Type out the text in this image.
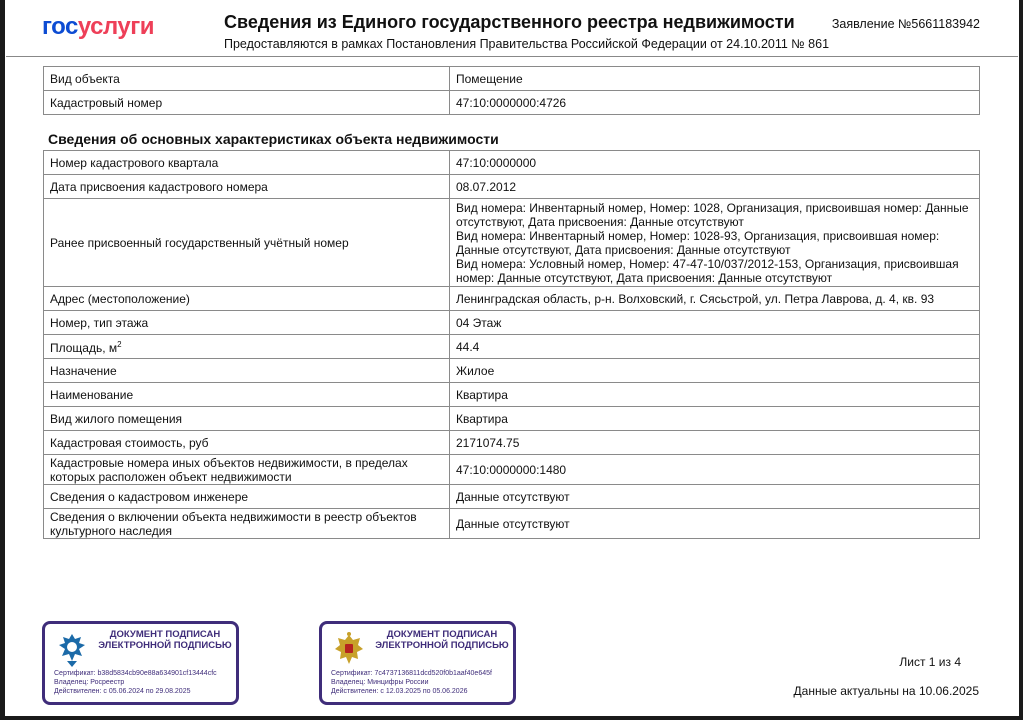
госуслуги	Сведения из Единого государственного реестра недвижимости
Предоставляются в рамках Постановления Правительства Российской Федерации от 24.10.2011 № 861
Заявление №5661183942
Вид объекта	Помещение
Кадастровый номер	47:10:0000000:4726
Сведения об основных характеристиках объекта недвижимости
Номер кадастрового квартала	47:10:0000000
Дата присвоения кадастрового номера	08.07.2012
Ранее присвоенный государственный учётный номер	Вид номера: Инвентарный номер, Номер: 1028, Организация, присвоившая номер: Данные отсутствуют, Дата присвоения: Данные отсутствуют
Вид номера: Инвентарный номер, Номер: 1028-93, Организация, присвоившая номер: Данные отсутствуют, Дата присвоения: Данные отсутствуют
Вид номера: Условный номер, Номер: 47-47-10/037/2012-153, Организация, присвоившая номер: Данные отсутствуют, Дата присвоения: Данные отсутствуют

Адрес (местоположение)	Ленинградская область, р-н. Волховский, г. Сясьстрой, ул. Петра Лаврова, д. 4, кв. 93
Номер, тип этажа	04 Этаж
Площадь, $м^2$	44.4
Назначение	Жилое
Наименование	Квартира
Вид жилого помещения	Квартира
Кадастровая стоимость, руб	2171074.75
Кадастровые номера иных объектов недвижимости, в пределах которых расположен объект недвижимости	47:10:0000000:1480
Сведения о кадастровом инженере	Данные отсутствуют
Сведения о включении объекта недвижимости в реестр объектов культурного наследия	Данные отсутствуют
ДОКУМЕНТ ПОДПИСАН ЭЛЕКТРОННОЙ ПОДПИСЬЮ
Сертификат: b38d5834cb90e88a634901cf13444cfc
Владелец: Росреестр
Действителен: с 05.06.2024 по 29.08.2025
ДОКУМЕНТ ПОДПИСАН ЭЛЕКТРОННОЙ ПОДПИСЬЮ
Сертификат: 7c4737136811dcd520f0b1aaf40e645f
Владелец: Минцифры России
Действителен: с 12.03.2025 по 05.06.2026
Лист 1 из 4
Данные актуальны на 10.06.2025
